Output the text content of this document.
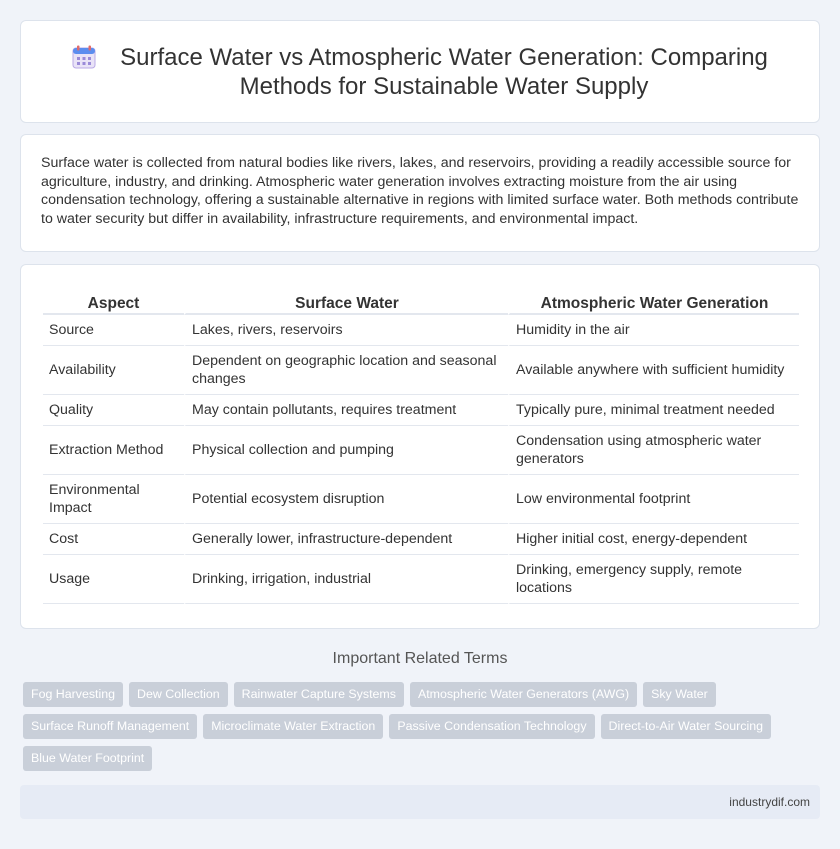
Surface Water vs Atmospheric Water Generation: Comparing Methods for Sustainable Water Supply

Surface water is collected from natural bodies like rivers, lakes, and reservoirs, providing a readily accessible source for agriculture, industry, and drinking. Atmospheric water generation involves extracting moisture from the air using condensation technology, offering a sustainable alternative in regions with limited surface water. Both methods contribute to water security but differ in availability, infrastructure requirements, and environmental impact.

Aspect	Surface Water	Atmospheric Water Generation
Source	Lakes, rivers, reservoirs	Humidity in the air
Availability	Dependent on geographic location and seasonal changes	Available anywhere with sufficient humidity
Quality	May contain pollutants, requires treatment	Typically pure, minimal treatment needed
Extraction Method	Physical collection and pumping	Condensation using atmospheric water generators
Environmental Impact	Potential ecosystem disruption	Low environmental footprint
Cost	Generally lower, infrastructure-dependent	Higher initial cost, energy-dependent
Usage	Drinking, irrigation, industrial	Drinking, emergency supply, remote locations
Important Related Terms
Fog Harvesting	Dew Collection	Rainwater Capture Systems	Atmospheric Water Generators (AWG)	Sky Water
Surface Runoff Management	Microclimate Water Extraction	Passive Condensation Technology	Direct-to-Air Water Sourcing
Blue Water Footprint
industrydif.com
